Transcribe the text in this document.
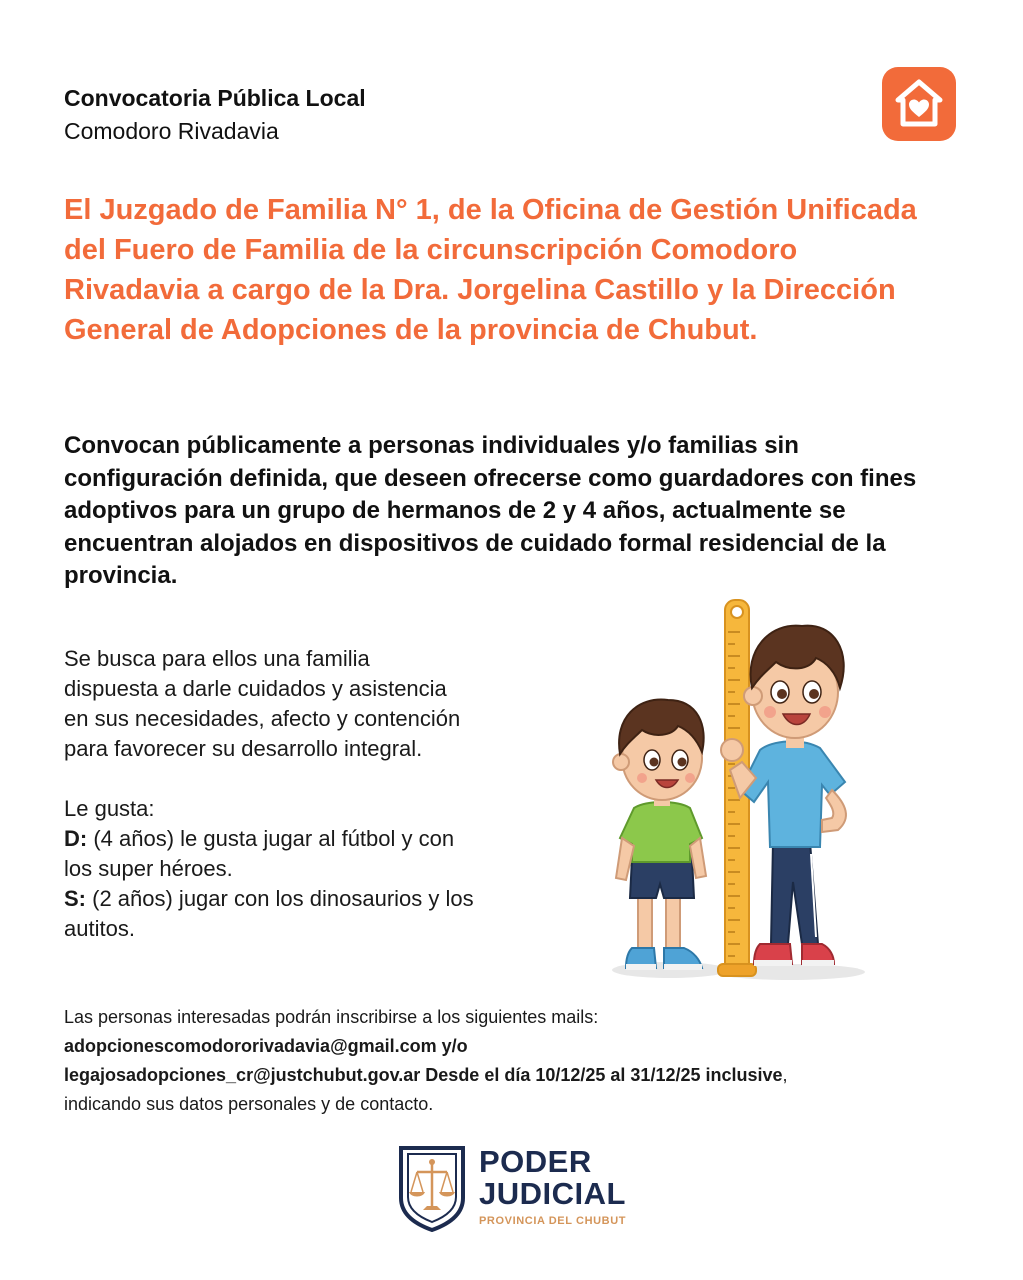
Convocatoria Pública Local
Comodoro Rivadavia

El Juzgado de Familia N° 1, de la Oficina de Gestión Unificada del Fuero de Familia de la circunscripción Comodoro Rivadavia a cargo de la Dra. Jorgelina Castillo y la Dirección General de Adopciones de la provincia de Chubut.

Convocan públicamente a personas individuales y/o familias sin configuración definida, que deseen ofrecerse como guardadores con fines adoptivos para un grupo de hermanos de 2 y 4 años, actualmente se encuentran alojados en dispositivos de cuidado formal residencial de la provincia.

Se busca para ellos una familia

dispuesta a darle cuidados y asistencia

en sus necesidades, afecto y contención

para favorecer su desarrollo integral.

Le gusta:

D: (4 años) le gusta jugar al fútbol y con

los super héroes.

S: (2 años) jugar con los dinosaurios y los

autitos.

Las personas interesadas podrán inscribirse a los siguientes mails:

adopcionescomodororivadavia@gmail.com y/o

legajosadopciones_cr@justchubut.gov.ar Desde el día 10/12/25 al 31/12/25 inclusive,

indicando sus datos personales y de contacto.

PODER
JUDICIAL
PROVINCIA DEL CHUBUT
